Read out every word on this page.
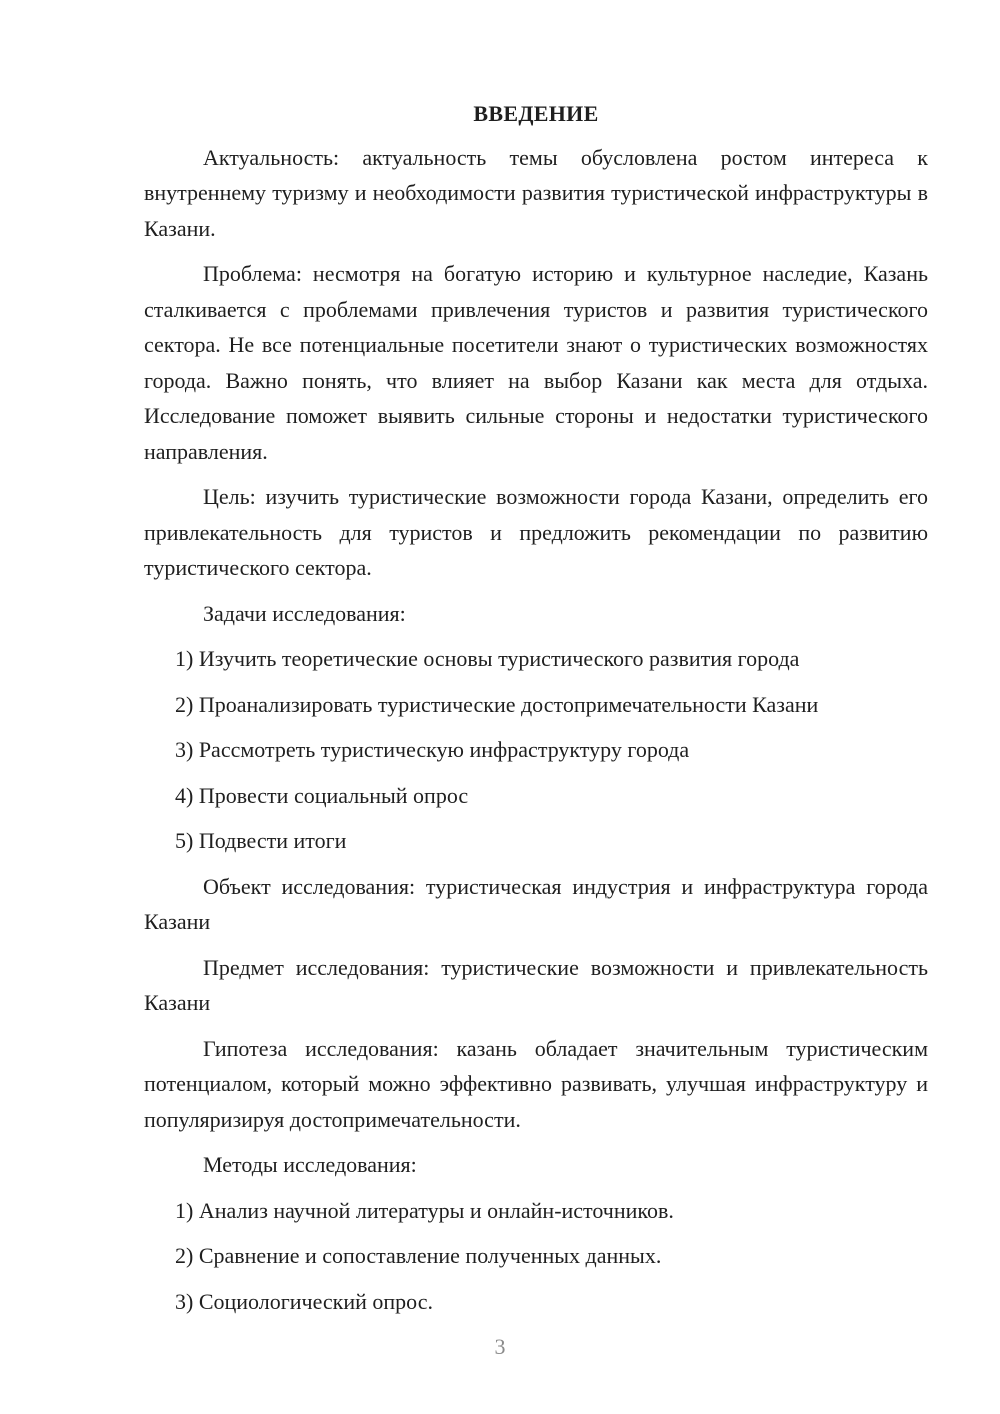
ВВЕДЕНИЕ

Актуальность: актуальность темы обусловлена ростом интереса к внутреннему туризму и необходимости развития туристической инфраструктуры в Казани.

Проблема: несмотря на богатую историю и культурное наследие, Казань сталкивается с проблемами привлечения туристов и развития туристического сектора. Не все потенциальные посетители знают о туристических возможностях города. Важно понять, что влияет на выбор Казани как места для отдыха. Исследование поможет выявить сильные стороны и недостатки туристического направления.

Цель: изучить туристические возможности города Казани, определить его привлекательность для туристов и предложить рекомендации по развитию туристического сектора.

Задачи исследования:
1) Изучить теоретические основы туристического развития города
2) Проанализировать туристические достопримечательности Казани
3) Рассмотреть туристическую инфраструктуру города
4) Провести социальный опрос
5) Подвести итоги

Объект исследования: туристическая индустрия и инфраструктура города Казани

Предмет исследования: туристические возможности и привлекательность Казани

Гипотеза исследования: казань обладает значительным туристическим потенциалом, который можно эффективно развивать, улучшая инфраструктуру и популяризируя достопримечательности.

Методы исследования:
1) Анализ научной литературы и онлайн-источников.
2) Сравнение и сопоставление полученных данных.
3) Социологический опрос.
3
